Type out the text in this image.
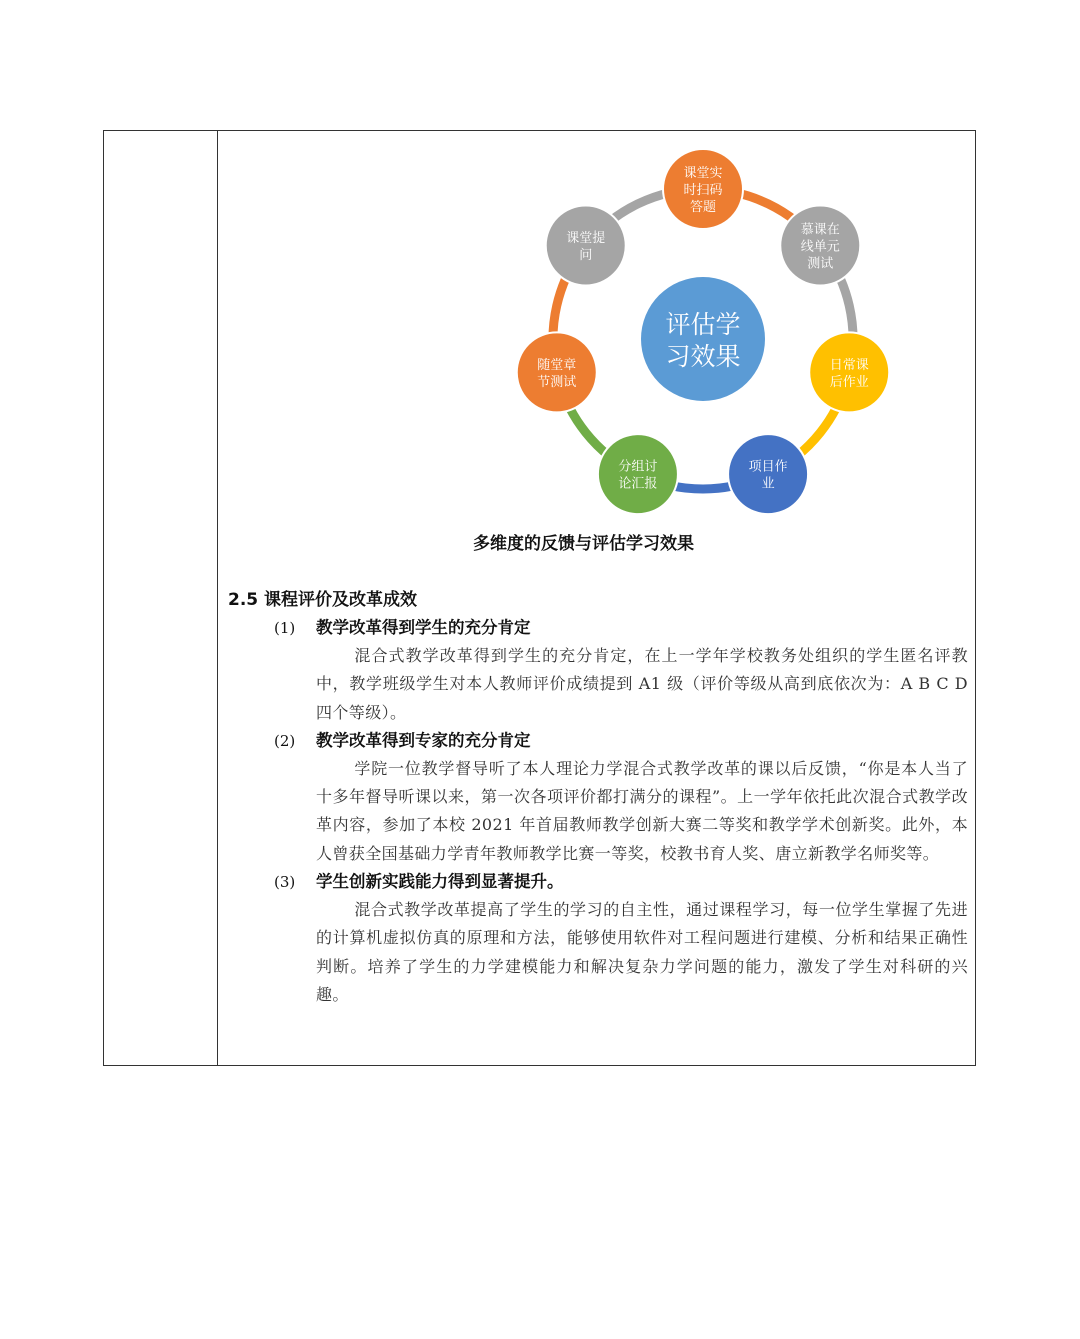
评估学
习效果
课堂实
时扫码
答题
慕课在
线单元
测试
日常课
后作业
项目作
业
分组讨
论汇报
随堂章
节测试
课堂提
问
多维度的反馈与评估学习效果
2.5 课程评价及改革成效
(1) 教学改革得到学生的充分肯定
混合式教学改革得到学生的充分肯定，在上一学年学校教务处组织的学生匿名评教中，教学班级学生对本人教师评价成绩提到 A1 级（评价等级从高到底依次为：A B C D 四个等级）。
(2) 教学改革得到专家的充分肯定
学院一位教学督导听了本人理论力学混合式教学改革的课以后反馈，“你是本人当了十多年督导听课以来，第一次各项评价都打满分的课程”。上一学年依托此次混合式教学改革内容，参加了本校 2021 年首届教师教学创新大赛二等奖和教学学术创新奖。此外，本人曾获全国基础力学青年教师教学比赛一等奖，校教书育人奖、唐立新教学名师奖等。
(3) 学生创新实践能力得到显著提升。
混合式教学改革提高了学生的学习的自主性，通过课程学习，每一位学生掌握了先进的计算机虚拟仿真的原理和方法，能够使用软件对工程问题进行建模、分析和结果正确性判断。培养了学生的力学建模能力和解决复杂力学问题的能力，激发了学生对科研的兴趣。
